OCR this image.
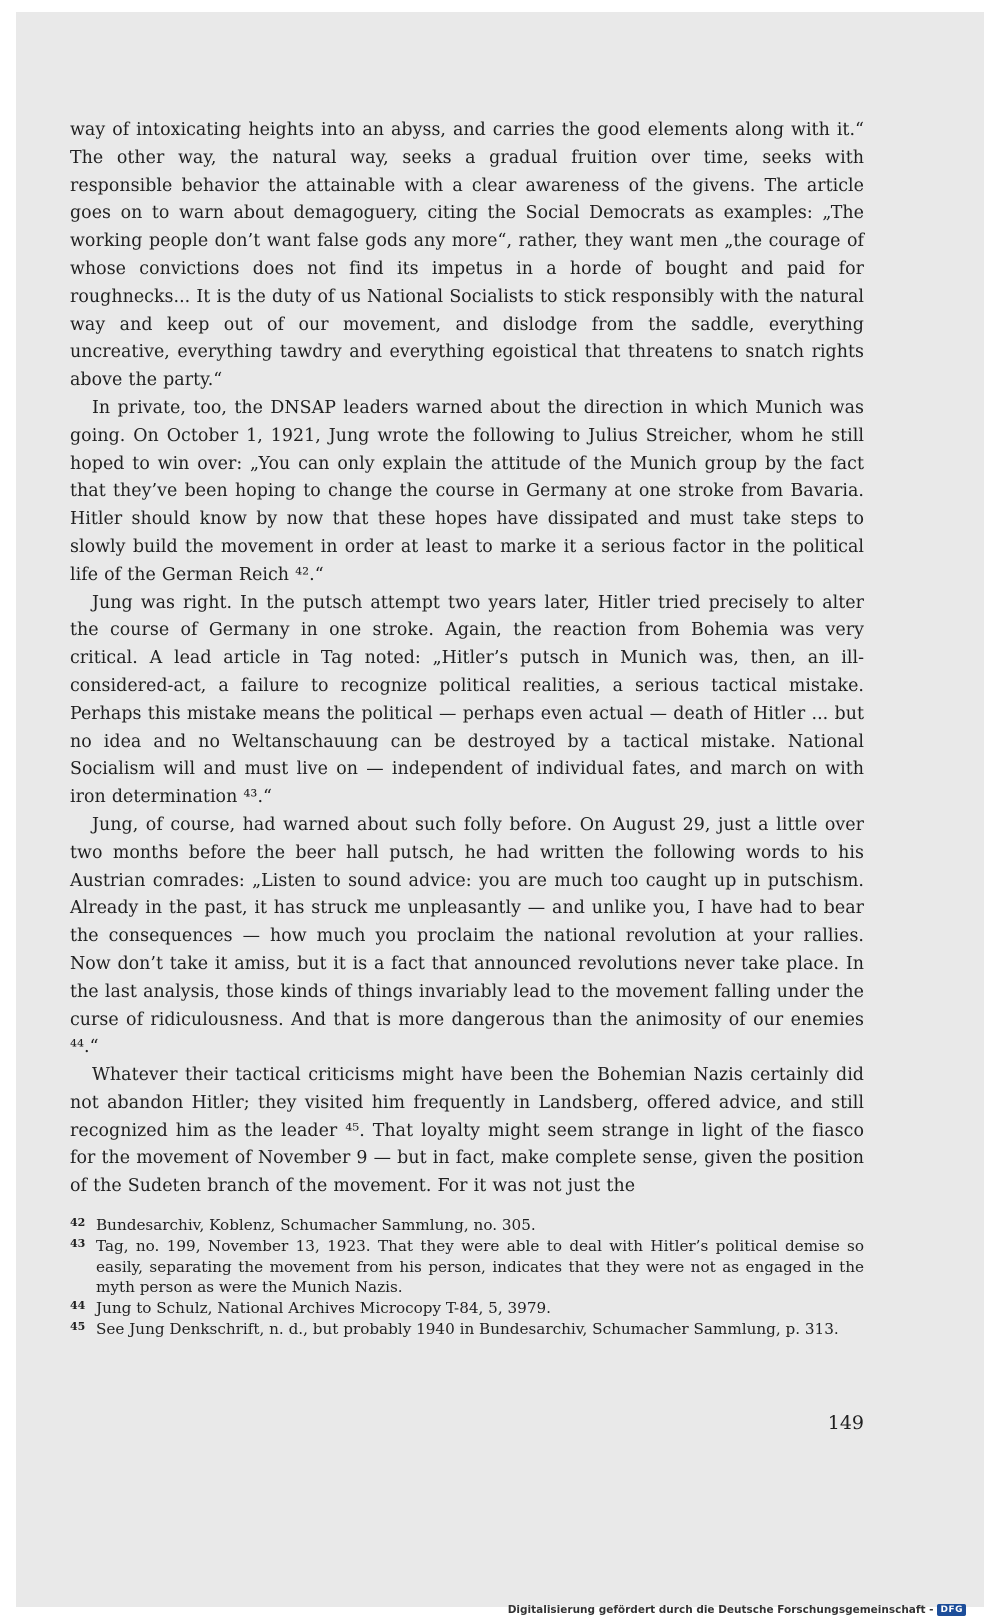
way of intoxicating heights into an abyss, and carries the good elements along with it.“ The other way, the natural way, seeks a gradual fruition over time, seeks with responsible behavior the attainable with a clear awareness of the givens. The article goes on to warn about demagoguery, citing the Social Democrats as examples: „The working people don’t want false gods any more“, rather, they want men „the courage of whose convictions does not find its impetus in a horde of bought and paid for roughnecks... It is the duty of us National Socialists to stick responsibly with the natural way and keep out of our movement, and dislodge from the saddle, everything uncreative, everything tawdry and everything egoistical that threatens to snatch rights above the party.“

In private, too, the DNSAP leaders warned about the direction in which Munich was going. On October 1, 1921, Jung wrote the following to Julius Streicher, whom he still hoped to win over: „You can only explain the attitude of the Munich group by the fact that they’ve been hoping to change the course in Germany at one stroke from Bavaria. Hitler should know by now that these hopes have dissipated and must take steps to slowly build the movement in order at least to marke it a serious factor in the political life of the German Reich ⁴².“

Jung was right. In the putsch attempt two years later, Hitler tried precisely to alter the course of Germany in one stroke. Again, the reaction from Bohemia was very critical. A lead article in Tag noted: „Hitler’s putsch in Munich was, then, an ill-considered-act, a failure to recognize political realities, a serious tactical mistake. Perhaps this mistake means the political — perhaps even actual — death of Hitler ... but no idea and no Weltanschauung can be destroyed by a tactical mistake. National Socialism will and must live on — independent of individual fates, and march on with iron determination ⁴³.“

Jung, of course, had warned about such folly before. On August 29, just a little over two months before the beer hall putsch, he had written the following words to his Austrian comrades: „Listen to sound advice: you are much too caught up in putschism. Already in the past, it has struck me unpleasantly — and unlike you, I have had to bear the consequences — how much you proclaim the national revolution at your rallies. Now don’t take it amiss, but it is a fact that announced revolutions never take place. In the last analysis, those kinds of things invariably lead to the movement falling under the curse of ridiculousness. And that is more dangerous than the animosity of our enemies ⁴⁴.“

Whatever their tactical criticisms might have been the Bohemian Nazis certainly did not abandon Hitler; they visited him frequently in Landsberg, offered advice, and still recognized him as the leader ⁴⁵. That loyalty might seem strange in light of the fiasco for the movement of November 9 — but in fact, make complete sense, given the position of the Sudeten branch of the movement. For it was not just the

42 Bundesarchiv, Koblenz, Schumacher Sammlung, no. 305.
43 Tag, no. 199, November 13, 1923. That they were able to deal with Hitler’s political demise so easily, separating the movement from his person, indicates that they were not as engaged in the myth person as were the Munich Nazis.
44 Jung to Schulz, National Archives Microcopy T-84, 5, 3979.
45 See Jung Denkschrift, n. d., but probably 1940 in Bundesarchiv, Schumacher Sammlung, p. 313.
149
Digitalisierung gefördert durch die Deutsche Forschungsgemeinschaft - DFG
